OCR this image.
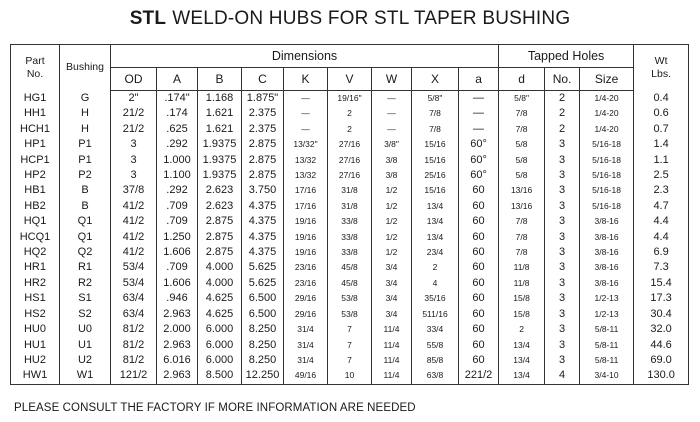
STL WELD-ON HUBS FOR STL TAPER BUSHING
Part
No.	Bushing	Dimensions									Tapped Holes			Wt
Lbs.
		OD	A	B	C	K	V	W	X	a	d	No.	Size	
HG1	G	2"	.174"	1.168	1.875"	—	19/16"	—	5/8"	—	5/8"	2	1/4-20	0.4
HH1	H	21/2	.174	1.621	2.375	—	2	—	7/8	—	7/8	2	1/4-20	0.6
HCH1	H	21/2	.625	1.621	2.375	—	2	—	7/8	—	7/8	2	1/4-20	0.7
HP1	P1	3	.292	1.9375	2.875	13/32"	27/16	3/8"	15/16	60°	5/8	3	5/16-18	1.4
HCP1	P1	3	1.000	1.9375	2.875	13/32	27/16	3/8	15/16	60°	5/8	3	5/16-18	1.1
HP2	P2	3	1.100	1.9375	2.875	13/32	27/16	3/8	25/16	60°	5/8	3	5/16-18	2.5
HB1	B	37/8	.292	2.623	3.750	17/16	31/8	1/2	15/16	60	13/16	3	5/16-18	2.3
HB2	B	41/2	.709	2.623	4.375	17/16	31/8	1/2	13/4	60	13/16	3	5/16-18	4.7
HQ1	Q1	41/2	.709	2.875	4.375	19/16	33/8	1/2	13/4	60	7/8	3	3/8-16	4.4
HCQ1	Q1	41/2	1.250	2.875	4.375	19/16	33/8	1/2	13/4	60	7/8	3	3/8-16	4.4
HQ2	Q2	41/2	1.606	2.875	4.375	19/16	33/8	1/2	23/4	60	7/8	3	3/8-16	6.9
HR1	R1	53/4	.709	4.000	5.625	23/16	45/8	3/4	2	60	11/8	3	3/8-16	7.3
HR2	R2	53/4	1.606	4.000	5.625	23/16	45/8	3/4	4	60	11/8	3	3/8-16	15.4
HS1	S1	63/4	.946	4.625	6.500	29/16	53/8	3/4	35/16	60	15/8	3	1/2-13	17.3
HS2	S2	63/4	2.963	4.625	6.500	29/16	53/8	3/4	511/16	60	15/8	3	1/2-13	30.4
HU0	U0	81/2	2.000	6.000	8.250	31/4	7	11/4	33/4	60	2	3	5/8-11	32.0
HU1	U1	81/2	2.963	6.000	8.250	31/4	7	11/4	55/8	60	13/4	3	5/8-11	44.6
HU2	U2	81/2	6.016	6.000	8.250	31/4	7	11/4	85/8	60	13/4	3	5/8-11	69.0
HW1	W1	121/2	2.963	8.500	12.250	49/16	10	11/4	63/8	221/2	13/4	4	3/4-10	130.0
PLEASE CONSULT THE FACTORY IF MORE INFORMATION ARE NEEDED
